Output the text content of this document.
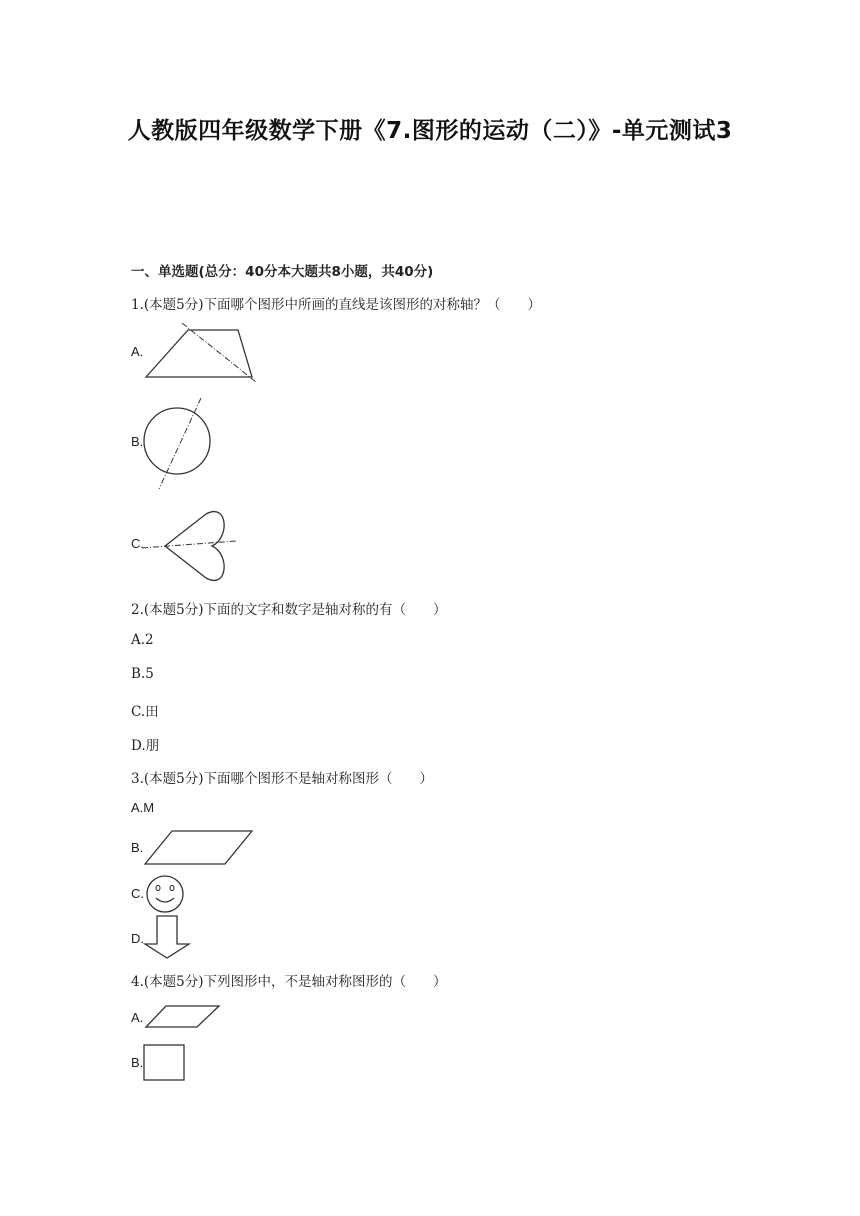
人教版四年级数学下册《7.图形的运动（二）》-单元测试3
一、单选题(总分：40分本大题共8小题，共40分)
1.(本题5分)下面哪个图形中所画的直线是该图形的对称轴？（　　）
A.
B.
C.
2.(本题5分)下面的文字和数字是轴对称的有（　　）
A.2
B.5
C.田
D.朋
3.(本题5分)下面哪个图形不是轴对称图形（　　）
A.M
B.
C.
D.
4.(本题5分)下列图形中，不是轴对称图形的（　　）
A.
B.
